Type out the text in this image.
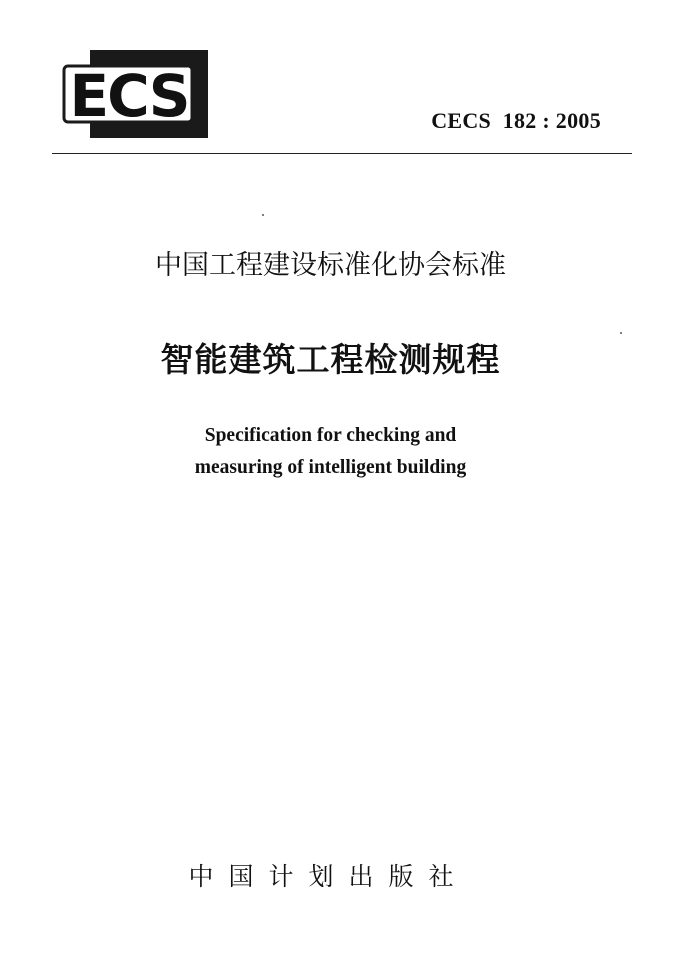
ECS	CECS  182 : 2005
中国工程建设标准化协会标准
智能建筑工程检测规程
Specification for checking and
measuring of intelligent building
中国计划出版社
